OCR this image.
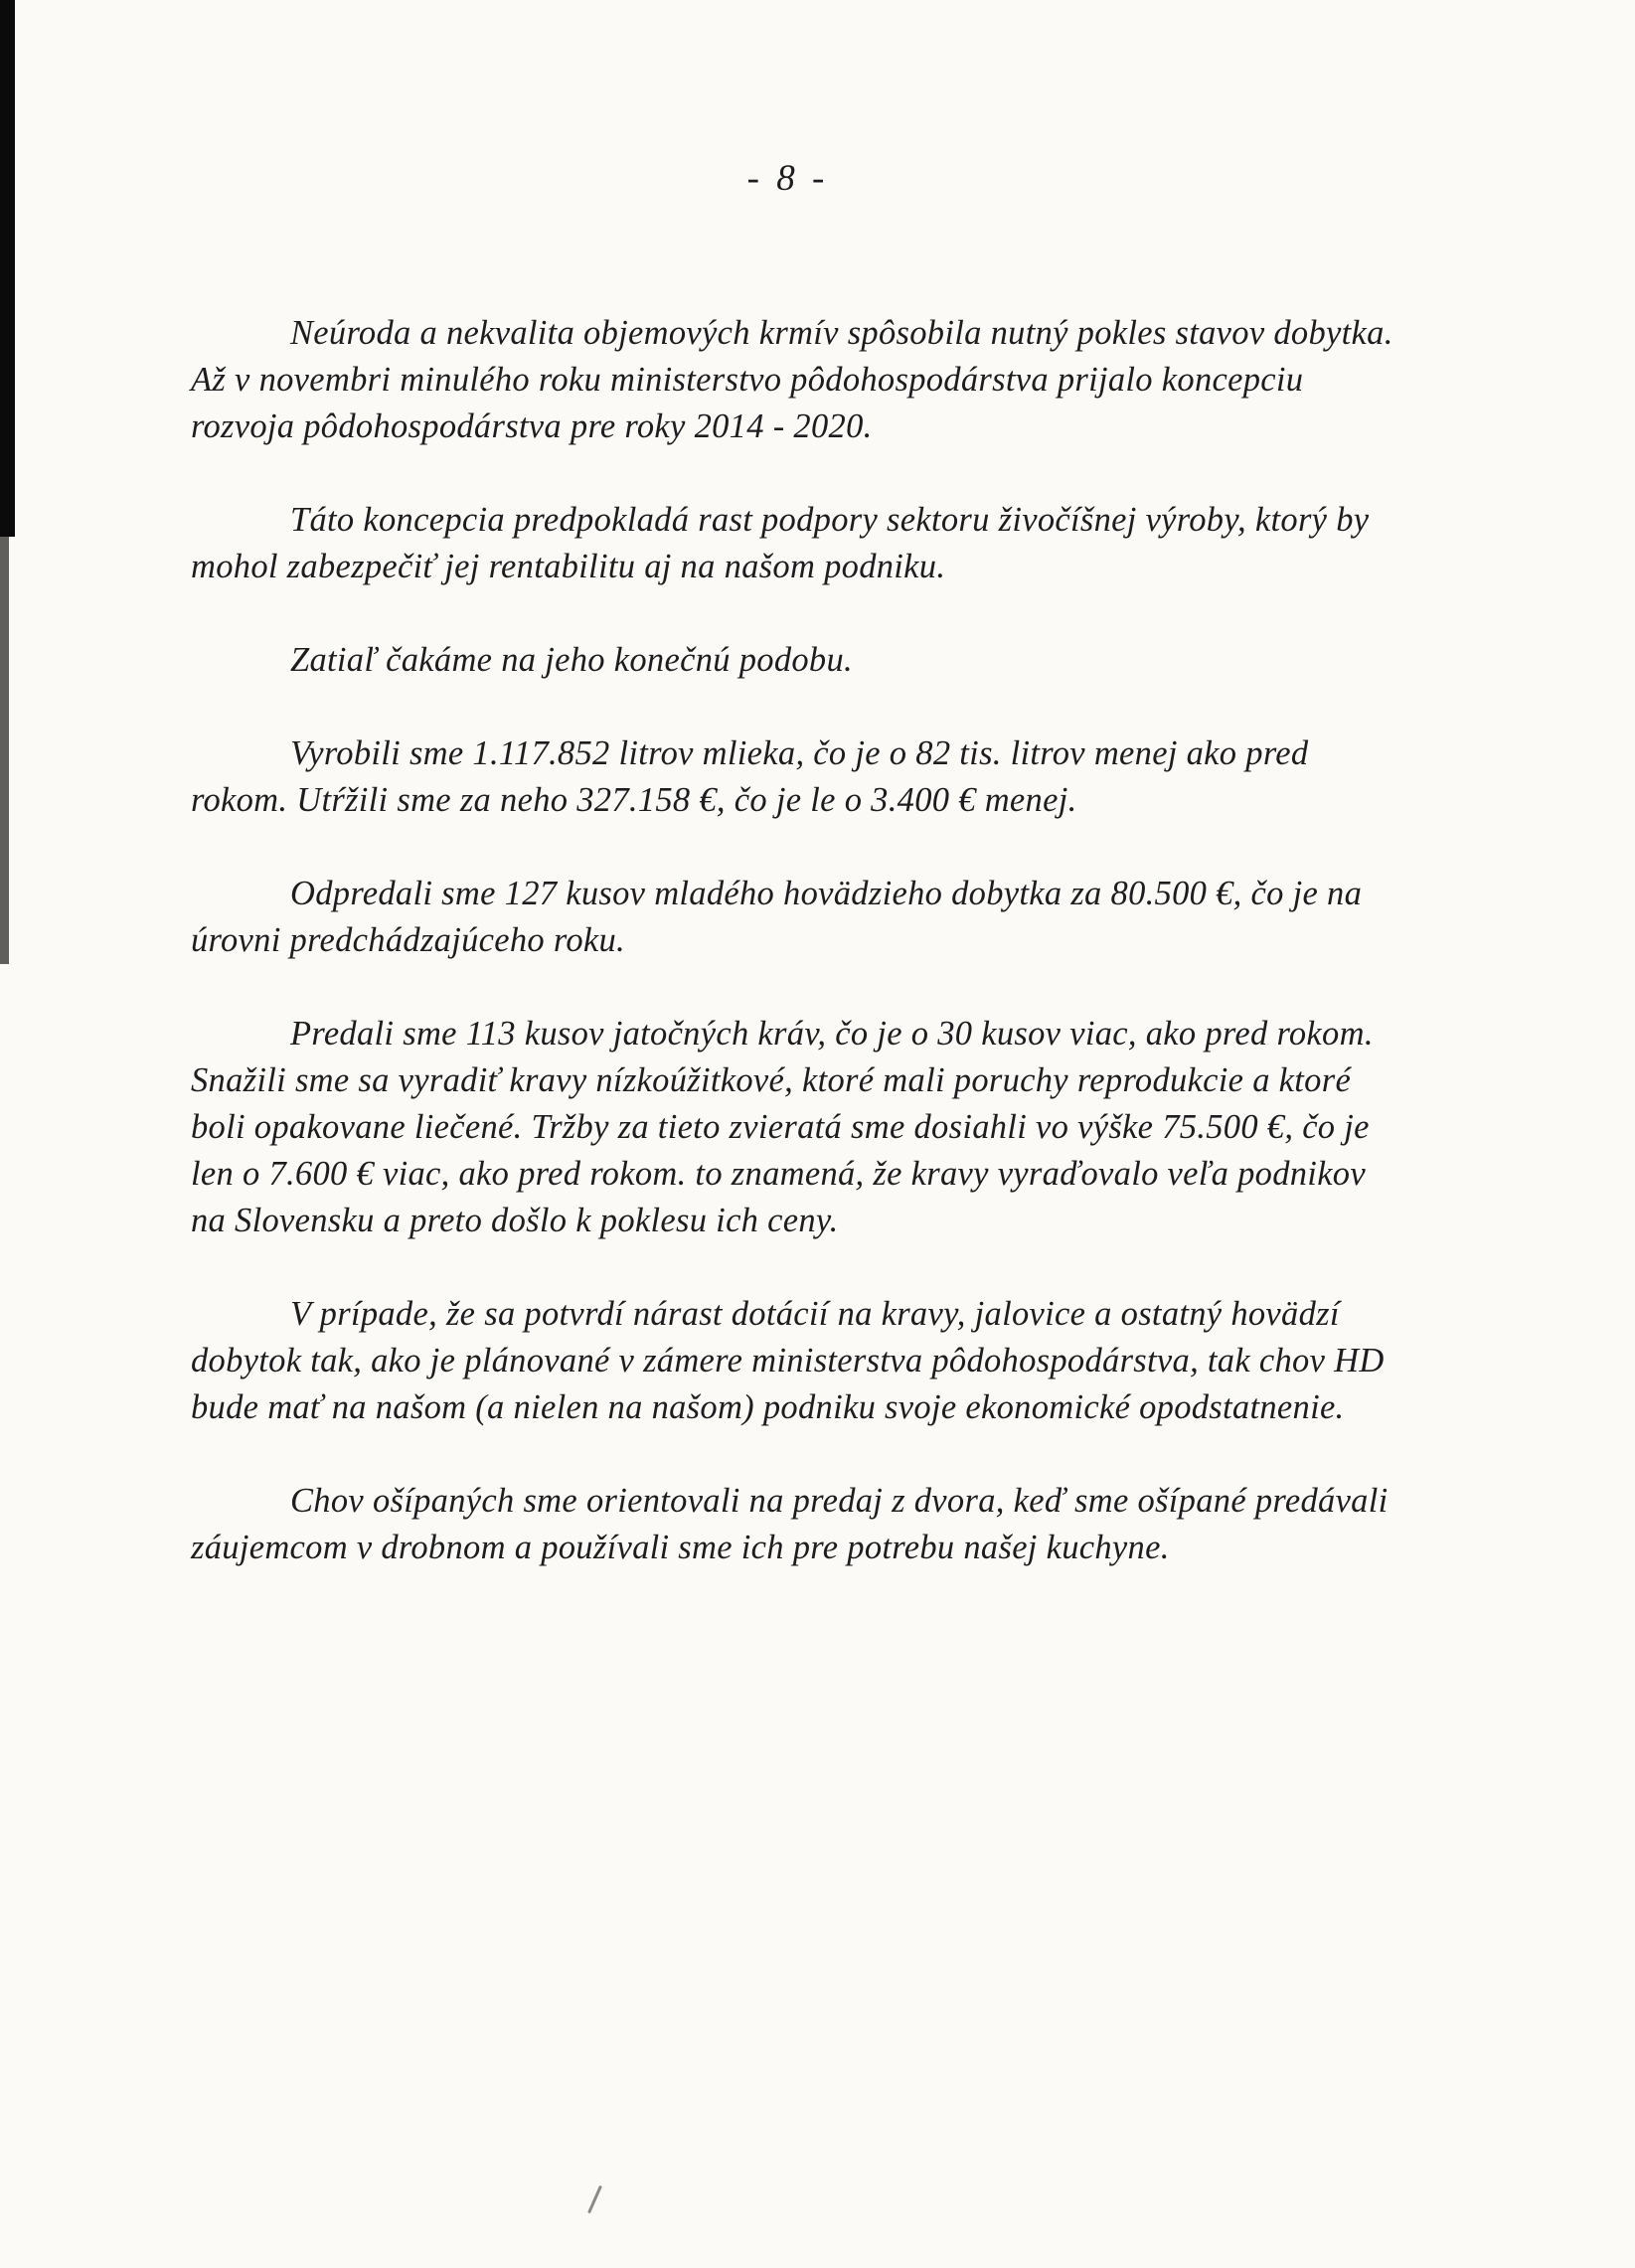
- 8 -

Neúroda a nekvalita objemových krmív spôsobila nutný pokles stavov dobytka. Až v novembri minulého roku ministerstvo pôdohospodárstva prijalo koncepciu rozvoja pôdohospodárstva pre roky 2014 - 2020.

Táto koncepcia predpokladá rast podpory sektoru živočíšnej výroby, ktorý by mohol zabezpečiť jej rentabilitu aj na našom podniku.

Zatiaľ čakáme na jeho konečnú podobu.

Vyrobili sme 1.117.852 litrov mlieka, čo je o 82 tis. litrov menej ako pred rokom. Utŕžili sme za neho 327.158 €, čo je le o 3.400 € menej.

Odpredali sme 127 kusov mladého hovädzieho dobytka za 80.500 €, čo je na úrovni predchádzajúceho roku.

Predali sme 113 kusov jatočných kráv, čo je o 30 kusov viac, ako pred rokom. Snažili sme sa vyradiť kravy nízkoúžitkové, ktoré mali poruchy reprodukcie a ktoré boli opakovane liečené. Tržby za tieto zvieratá sme dosiahli vo výške 75.500 €, čo je len o 7.600 € viac, ako pred rokom. to znamená, že kravy vyraďovalo veľa podnikov na Slovensku a preto došlo k poklesu ich ceny.

V prípade, že sa potvrdí nárast dotácií na kravy, jalovice a ostatný hovädzí dobytok tak, ako je plánované v zámere ministerstva pôdohospodárstva, tak chov HD bude mať na našom (a nielen na našom) podniku svoje ekonomické opodstatnenie.

Chov ošípaných sme orientovali na predaj z dvora, keď sme ošípané predávali záujemcom v drobnom a používali sme ich pre potrebu našej kuchyne.
